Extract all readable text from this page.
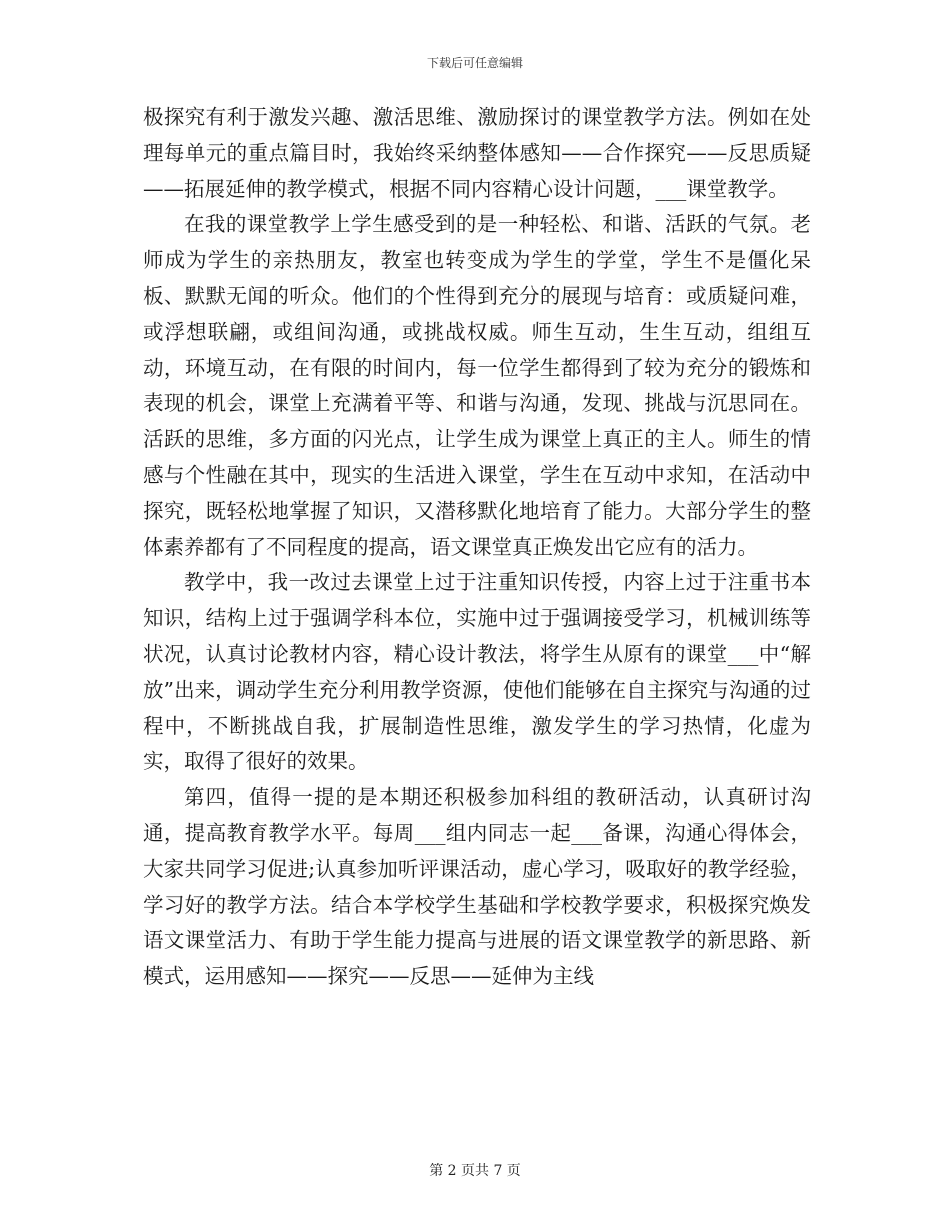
下载后可任意编辑

极探究有利于激发兴趣、激活思维、激励探讨的课堂教学方法。例如在处理每单元的重点篇目时，我始终采纳整体感知——合作探究——反思质疑——拓展延伸的教学模式，根据不同内容精心设计问题，___课堂教学。

在我的课堂教学上学生感受到的是一种轻松、和谐、活跃的气氛。老师成为学生的亲热朋友，教室也转变成为学生的学堂，学生不是僵化呆板、默默无闻的听众。他们的个性得到充分的展现与培育：或质疑问难，或浮想联翩，或组间沟通，或挑战权威。师生互动，生生互动，组组互动，环境互动，在有限的时间内，每一位学生都得到了较为充分的锻炼和表现的机会，课堂上充满着平等、和谐与沟通，发现、挑战与沉思同在。活跃的思维，多方面的闪光点，让学生成为课堂上真正的主人。师生的情感与个性融在其中，现实的生活进入课堂，学生在互动中求知，在活动中探究，既轻松地掌握了知识，又潜移默化地培育了能力。大部分学生的整体素养都有了不同程度的提高，语文课堂真正焕发出它应有的活力。

教学中，我一改过去课堂上过于注重知识传授，内容上过于注重书本知识，结构上过于强调学科本位，实施中过于强调接受学习，机械训练等状况，认真讨论教材内容，精心设计教法，将学生从原有的课堂___中“解放”出来，调动学生充分利用教学资源，使他们能够在自主探究与沟通的过程中，不断挑战自我，扩展制造性思维，激发学生的学习热情，化虚为实，取得了很好的效果。

第四，值得一提的是本期还积极参加科组的教研活动，认真研讨沟通，提高教育教学水平。每周___组内同志一起___备课，沟通心得体会，大家共同学习促进;认真参加听评课活动，虚心学习，吸取好的教学经验，学习好的教学方法。结合本学校学生基础和学校教学要求，积极探究焕发语文课堂活力、有助于学生能力提高与进展的语文课堂教学的新思路、新模式，运用感知——探究——反思——延伸为主线

第 2 页共 7 页
